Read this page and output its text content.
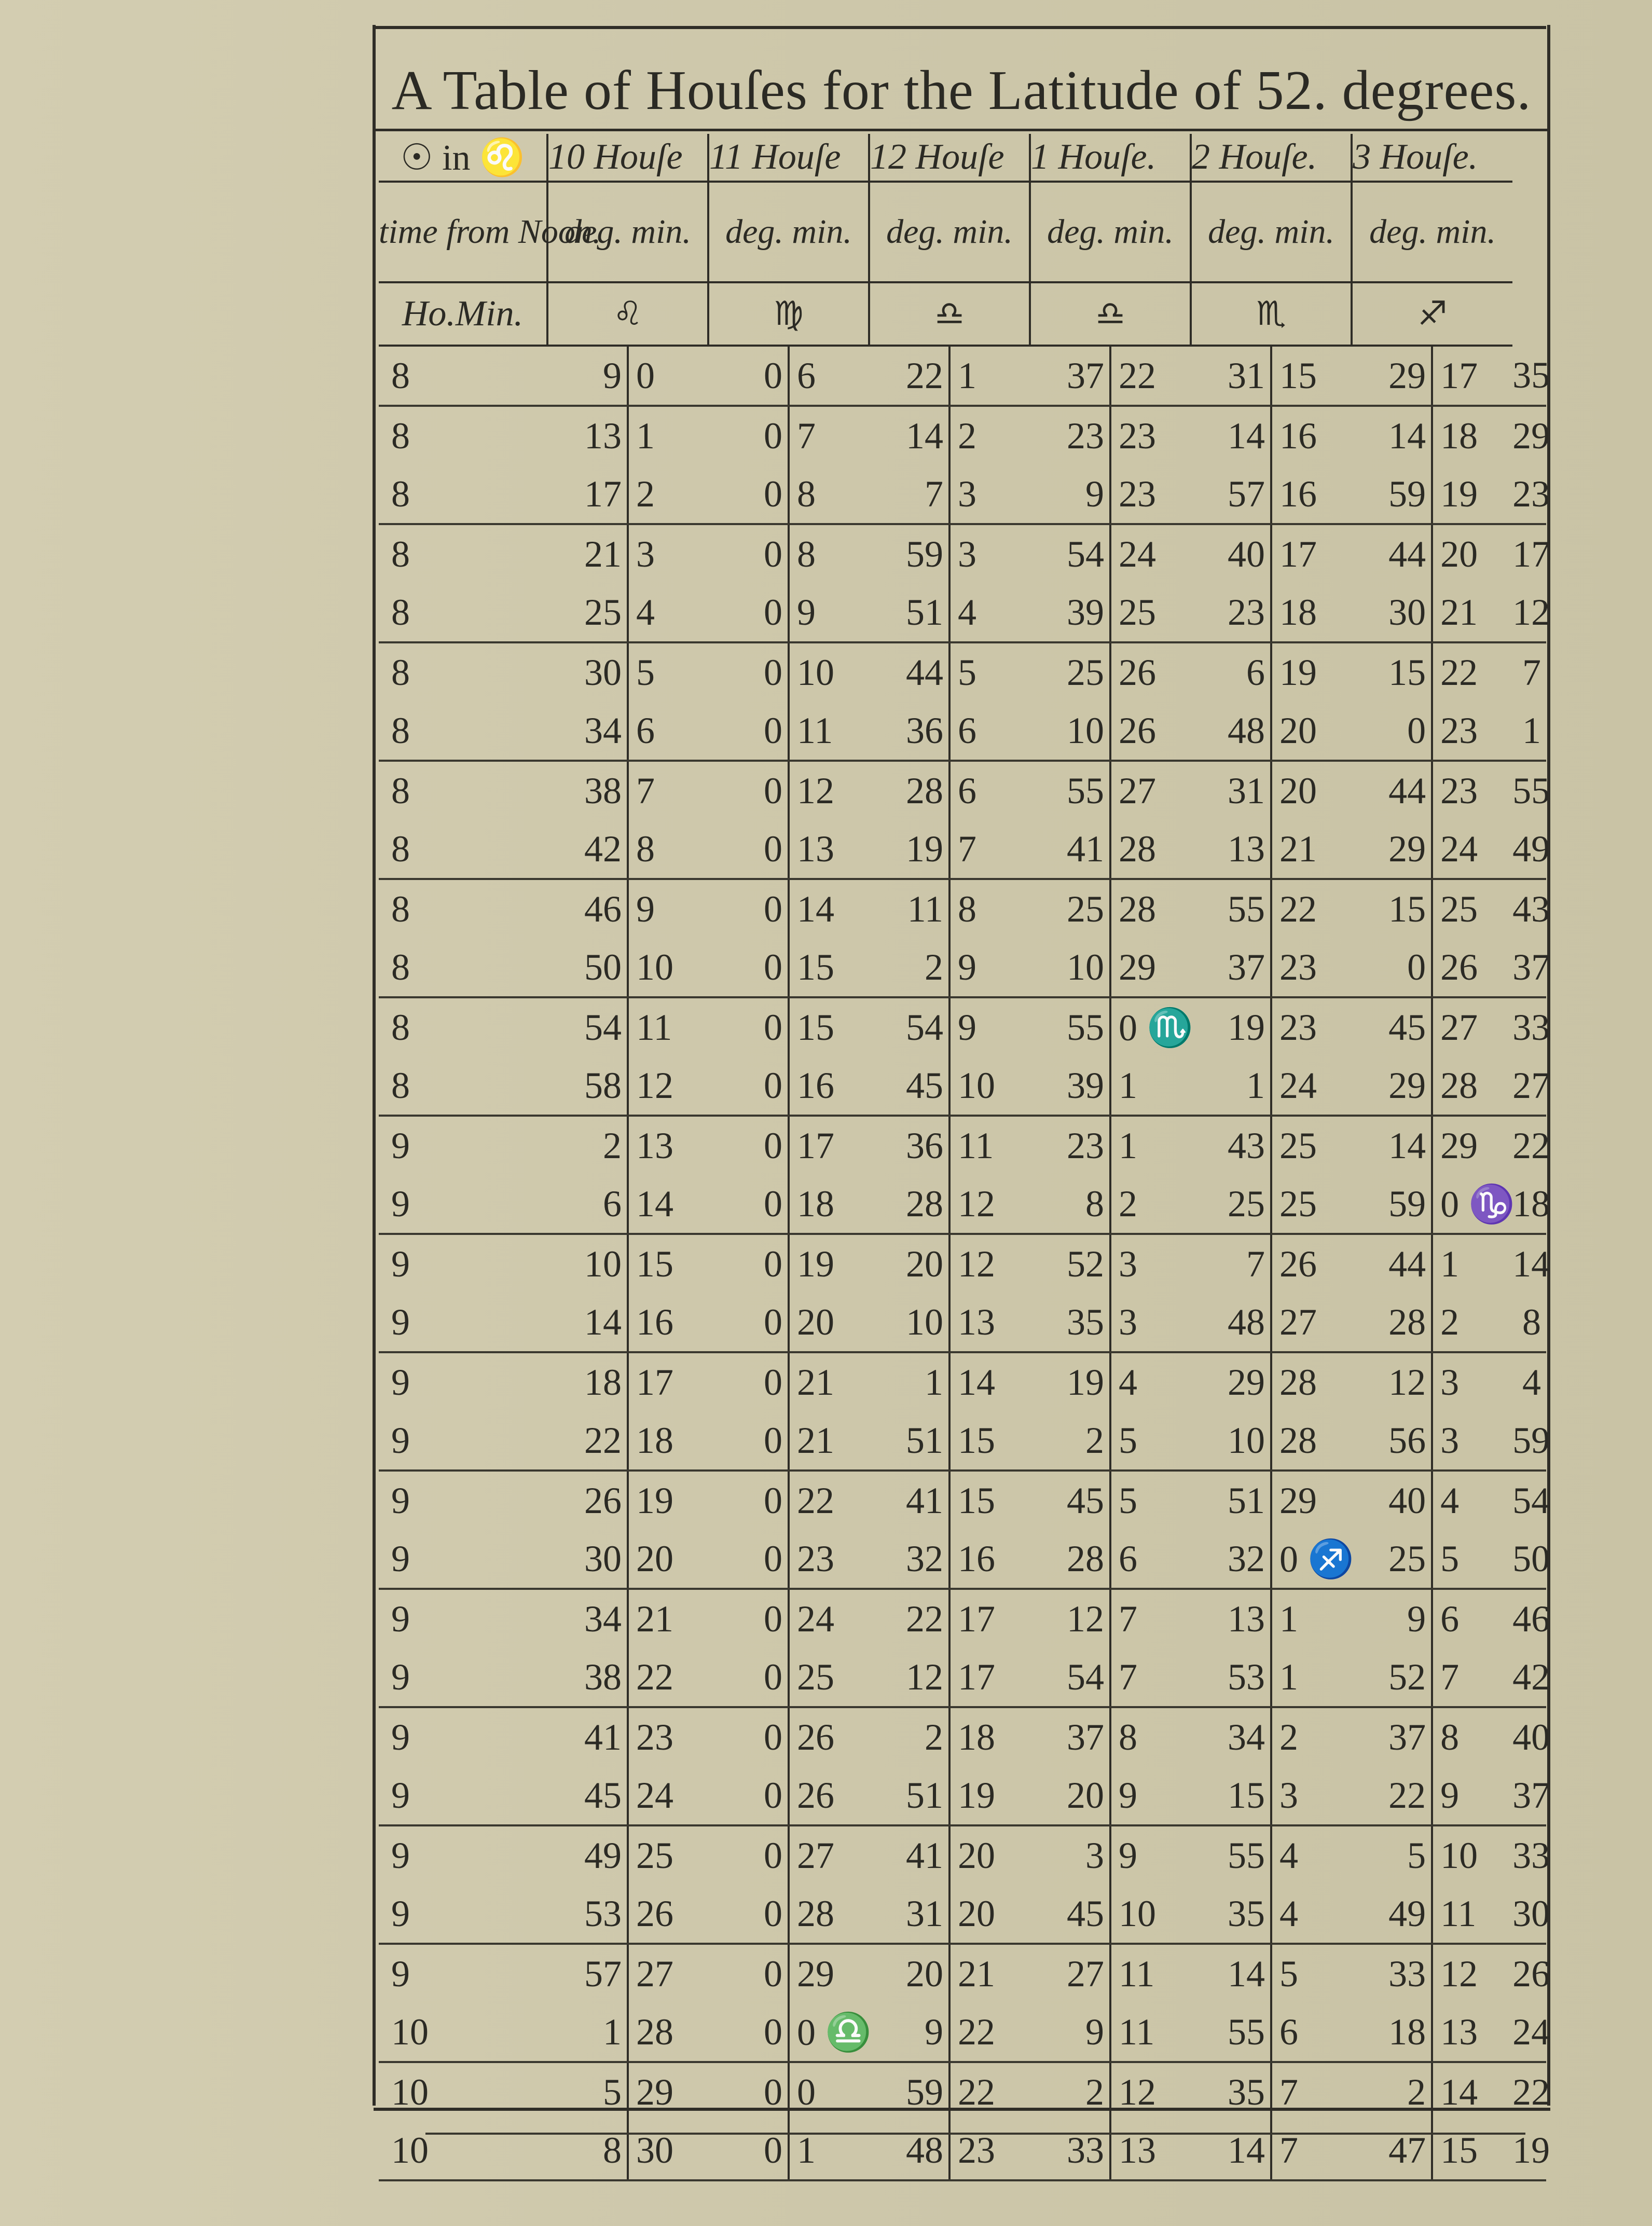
A Table of Houſes for the Latitude of 52. degrees.
☉ in ♌	10 Houſe		11 Houſe		12 Houſe		1 Houſe.		2 Houſe.		3 Houſe.		
time from Noon.	deg. min.		deg. min.		deg. min.		deg. min.		deg. min.		deg. min.		
Ho.Min.	♌		♍		♎		♎		♏		♐		
8	9	0	0	6	22	1	37	22	31	15	29	17	35
8	13	1	0	7	14	2	23	23	14	16	14	18	29
8	17	2	0	8	7	3	9	23	57	16	59	19	23
8	21	3	0	8	59	3	54	24	40	17	44	20	17
8	25	4	0	9	51	4	39	25	23	18	30	21	12
8	30	5	0	10	44	5	25	26	6	19	15	22	7
8	34	6	0	11	36	6	10	26	48	20	0	23	1
8	38	7	0	12	28	6	55	27	31	20	44	23	55
8	42	8	0	13	19	7	41	28	13	21	29	24	49
8	46	9	0	14	11	8	25	28	55	22	15	25	43
8	50	10	0	15	2	9	10	29	37	23	0	26	37
8	54	11	0	15	54	9	55	0 ♏	19	23	45	27	33
8	58	12	0	16	45	10	39	1	1	24	29	28	27
9	2	13	0	17	36	11	23	1	43	25	14	29	22
9	6	14	0	18	28	12	8	2	25	25	59	0 ♑	18
9	10	15	0	19	20	12	52	3	7	26	44	1	14
9	14	16	0	20	10	13	35	3	48	27	28	2	8
9	18	17	0	21	1	14	19	4	29	28	12	3	4
9	22	18	0	21	51	15	2	5	10	28	56	3	59
9	26	19	0	22	41	15	45	5	51	29	40	4	54
9	30	20	0	23	32	16	28	6	32	0 ♐	25	5	50
9	34	21	0	24	22	17	12	7	13	1	9	6	46
9	38	22	0	25	12	17	54	7	53	1	52	7	42
9	41	23	0	26	2	18	37	8	34	2	37	8	40
9	45	24	0	26	51	19	20	9	15	3	22	9	37
9	49	25	0	27	41	20	3	9	55	4	5	10	33
9	53	26	0	28	31	20	45	10	35	4	49	11	30
9	57	27	0	29	20	21	27	11	14	5	33	12	26
10	1	28	0	0 ♎	9	22	9	11	55	6	18	13	24
10	5	29	0	0	59	22	2	12	35	7	2	14	22
10	8	30	0	1	48	23	33	13	14	7	47	15	19
